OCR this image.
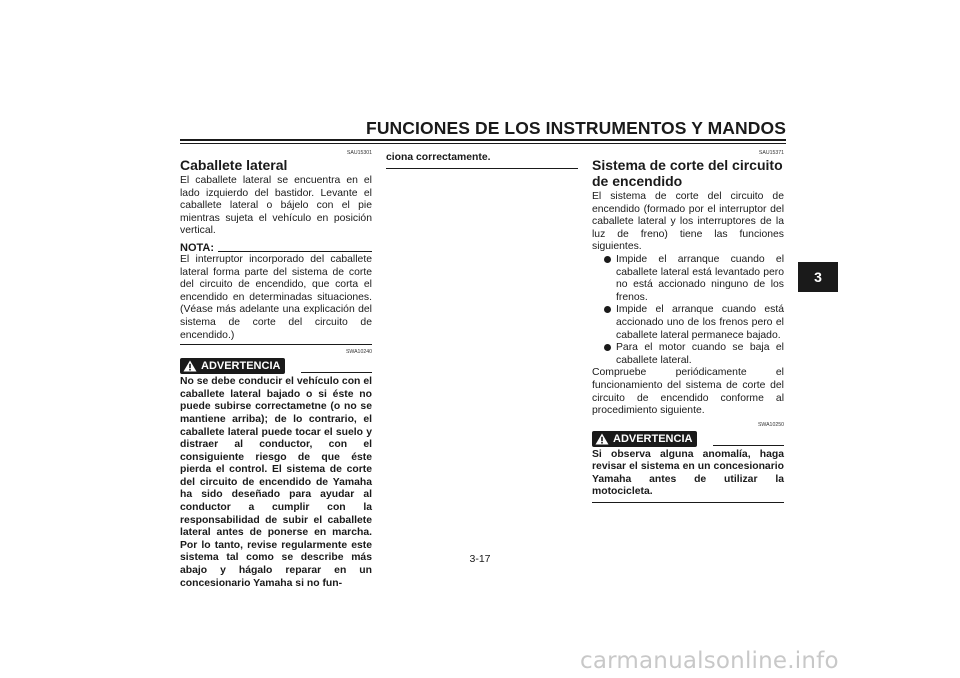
FUNCIONES DE LOS INSTRUMENTOS Y MANDOS
3
SAU15301
Caballete lateral

El caballete lateral se encuentra en el lado izquierdo del bastidor. Levante el caballete lateral o bájelo con el pie mientras sujeta el vehículo en posición vertical.

NOTA:

El interruptor incorporado del caballete lateral forma parte del sistema de corte del circuito de encendido, que corta el encendido en determinadas situaciones. (Véase más adelante una explicación del sistema de corte del circuito de encendido.)

SWA10240
ADVERTENCIA

No se debe conducir el vehículo con el caballete lateral bajado o si éste no puede subirse correctametne (o no se mantiene arriba); de lo contrario, el caballete lateral puede tocar el suelo y distraer al conductor, con el consiguiente riesgo de que éste pierda el control. El sistema de corte del circuito de encendido de Yamaha ha sido deseñado para ayudar al conductor a cumplir con la responsabilidad de subir el caballete lateral antes de ponerse en marcha. Por lo tanto, revise regularmente este sistema tal como se describe más abajo y hágalo reparar en un concesionario Yamaha si no fun-

ciona correctamente.	SAU15371
Sistema de corte del circuito de encendido

El sistema de corte del circuito de encendido (formado por el interruptor del caballete lateral y los interruptores de la luz de freno) tiene las funciones siguientes.

Impide el arranque cuando el caballete lateral está levantado pero no está accionado ninguno de los frenos.
Impide el arranque cuando está accionado uno de los frenos pero el caballete lateral permanece bajado.
Para el motor cuando se baja el caballete lateral.

Compruebe periódicamente el funcionamiento del sistema de corte del circuito de encendido conforme al procedimiento siguiente.

SWA10250
ADVERTENCIA

Si observa alguna anomalía, haga revisar el sistema en un concesionario Yamaha antes de utilizar la motocicleta.

3-17
carmanualsonline.info
